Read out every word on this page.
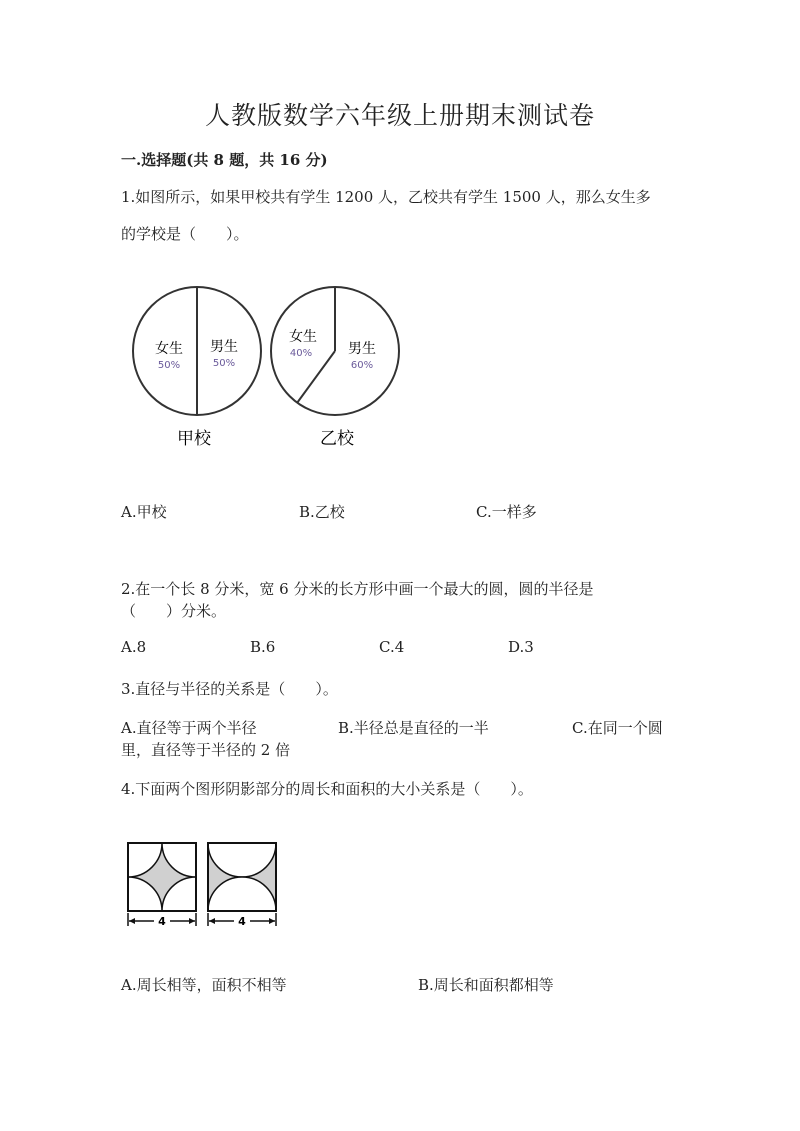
人教版数学六年级上册期末测试卷
一.选择题(共 8 题，共 16 分)
1.如图所示，如果甲校共有学生 1200 人，乙校共有学生 1500 人，那么女生多
的学校是（　　）。
女生
50%
男生
50%
女生
40%	男生
60%
甲校	乙校
A.甲校	B.乙校	C.一样多
2.在一个长 8 分米，宽 6 分米的长方形中画一个最大的圆，圆的半径是
（　　）分米。
A.8	B.6	C.4	D.3
3.直径与半径的关系是（　　）。
A.直径等于两个半径	B.半径总是直径的一半	C.在同一个圆
里，直径等于半径的 2 倍
4.下面两个图形阴影部分的周长和面积的大小关系是（　　）。
4	4
A.周长相等，面积不相等	B.周长和面积都相等
